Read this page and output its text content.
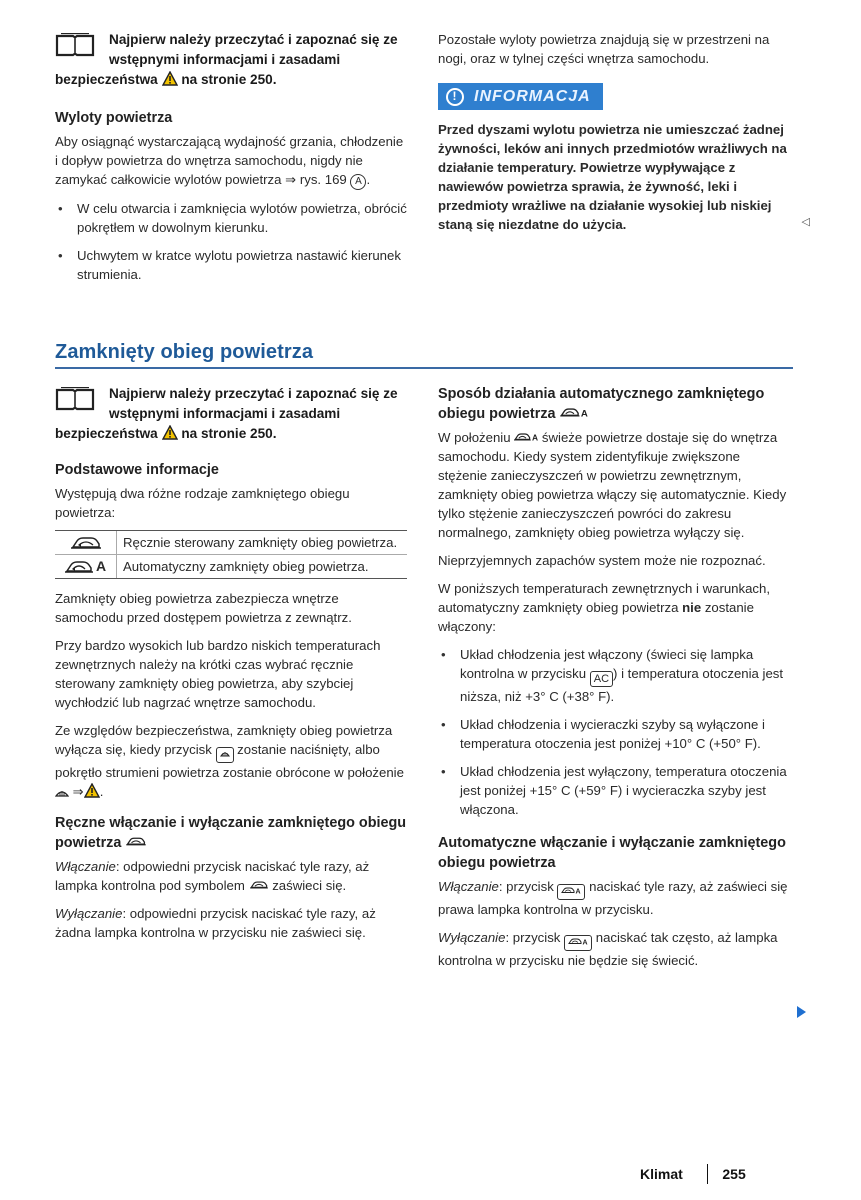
Najpierw należy przeczytać i zapoznać się ze wstępnymi informacjami i zasadami bezpieczeństwa na stronie 250.
Wyloty powietrza

Aby osiągnąć wystarczającą wydajność grzania, chłodzenie i dopływ powietrza do wnętrza samochodu, nigdy nie zamykać całkowicie wylotów powietrza ⇒ rys. 169 A .

• W celu otwarcia i zamknięcia wylotów powietrza, obrócić pokrętłem w dowolnym kierunku.

• Uchwytem w kratce wylotu powietrza nastawić kierunek strumienia.

Pozostałe wyloty powietrza znajdują się w przestrzeni na nogi, oraz w tylnej części wnętrza samochodu.

!	INFORMACJA

Przed dyszami wylotu powietrza nie umieszczać żadnej żywności, leków ani innych przedmiotów wrażliwych na działanie temperatury. Powietrze wypływające z nawiewów powietrza sprawia, że żywność, leki i przedmioty wrażliwe na działanie wysokiej lub niskiej staną się niezdatne do użycia.	◁
Zamknięty obieg powietrza
Najpierw należy przeczytać i zapoznać się ze wstępnymi informacjami i zasadami bezpieczeństwa na stronie 250.
Podstawowe informacje

Występują dwa różne rodzaje zamkniętego obiegu powietrza:

Ręcznie sterowany zamknięty obieg powietrza.
A	Automatyczny zamknięty obieg powietrza.

Zamknięty obieg powietrza zabezpiecza wnętrze samochodu przed dostępem powietrza z zewnątrz.

Przy bardzo wysokich lub bardzo niskich temperaturach zewnętrznych należy na krótki czas wybrać ręcznie sterowany zamknięty obieg powietrza, aby szybciej wychłodzić lub nagrzać wnętrze samochodu.

Ze względów bezpieczeństwa, zamknięty obieg powietrza wyłącza się, kiedy przycisk zostanie naciśnięty, albo pokrętło strumieni powietrza zostanie obrócone w położenie  ⇒ .

Ręczne włączanie i wyłączanie zamkniętego obiegu powietrza

Włączanie: odpowiedni przycisk naciskać tyle razy, aż lampka kontrolna pod symbolem zaświeci się.

Wyłączanie: odpowiedni przycisk naciskać tyle razy, aż żadna lampka kontrolna w przycisku nie zaświeci się.

Sposób działania automatycznego zamkniętego obiegu powietrza A

W położeniu A świeże powietrze dostaje się do wnętrza samochodu. Kiedy system zidentyfikuje zwiększone stężenie zanieczyszczeń w powietrzu zewnętrznym, zamknięty obieg powietrza włączy się automatycznie. Kiedy tylko stężenie zanieczyszczeń powróci do zakresu normalnego, zamknięty obieg powietrza wyłączy się.

Nieprzyjemnych zapachów system może nie rozpoznać.

W poniższych temperaturach zewnętrznych i warunkach, automatyczny zamknięty obieg powietrza nie zostanie włączony:

• Układ chłodzenia jest włączony (świeci się lampka kontrolna w przycisku AC ) i temperatura otoczenia jest niższa, niż +3° C (+38° F).

• Układ chłodzenia i wycieraczki szyby są wyłączone i temperatura otoczenia jest poniżej +10° C (+50° F).

• Układ chłodzenia jest wyłączony, temperatura otoczenia jest poniżej +15° C (+59° F) i wycieraczka szyby jest włączona.

Automatyczne włączanie i wyłączanie zamkniętego obiegu powietrza

Włączanie: przycisk A naciskać tyle razy, aż zaświeci się prawa lampka kontrolna w przycisku.

Wyłączanie: przycisk A naciskać tak często, aż lampka kontrolna w przycisku nie będzie się świecić.

Klimat	255
